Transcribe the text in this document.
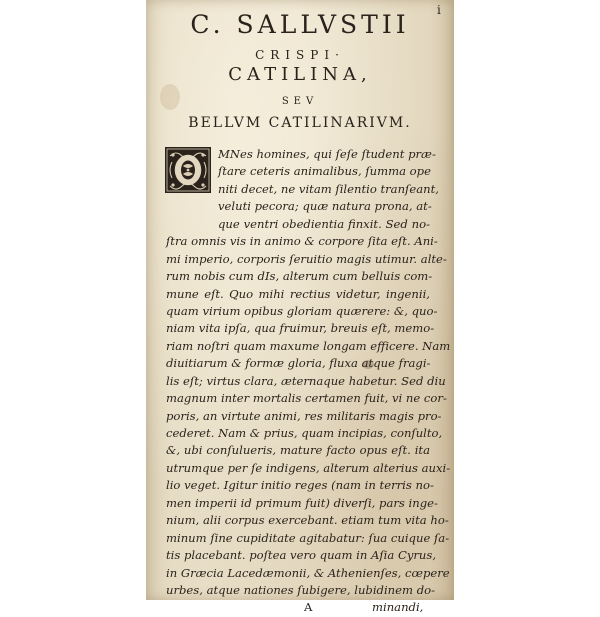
C. SALLVSTII	i
CRISPI·
CATILINA,
SEV
BELLVM CATILINARIVM.
MNes homines, qui ſeſe ſtudent præ-
ſtare ceteris animalibus, ſumma ope
niti decet, ne vitam ſilentio tranſeant,
veluti pecora; quæ natura prona, at-
que ventri obedientia finxit. Sed no-
ſtra omnis vis in animo & corpore ſita eſt. Ani-
mi imperio, corporis ſeruitio magis utimur. alte-
rum nobis cum dIs, alterum cum belluis com-
mune eſt. Quo mihi rectius videtur, ingenii,
quam virium opibus gloriam quærere: &, quo-
niam vita ipſa, qua fruimur, breuis eſt, memo-
riam noſtri quam maxume longam efficere. Nam
diuitiarum & formæ gloria, fluxa atque fragi-
lis eſt; virtus clara, æternaque habetur. Sed diu
magnum inter mortalis certamen fuit, vi ne cor-
poris, an virtute animi, res militaris magis pro-
cederet. Nam & prius, quam incipias, conſulto,
&, ubi conſulueris, mature facto opus eſt. ita
utrumque per ſe indigens, alterum alterius auxi-
lio veget. Igitur initio reges (nam in terris no-
men imperii id primum fuit) diverſi, pars inge-
nium, alii corpus exercebant. etiam tum vita ho-
minum ſine cupiditate agitabatur: ſua cuique ſa-
tis placebant. poſtea vero quam in Aſia Cyrus,
in Græcia Lacedæmonii, & Athenienſes, cœpere
urbes, atque nationes ſubigere, lubidinem do-
A	minandi,
